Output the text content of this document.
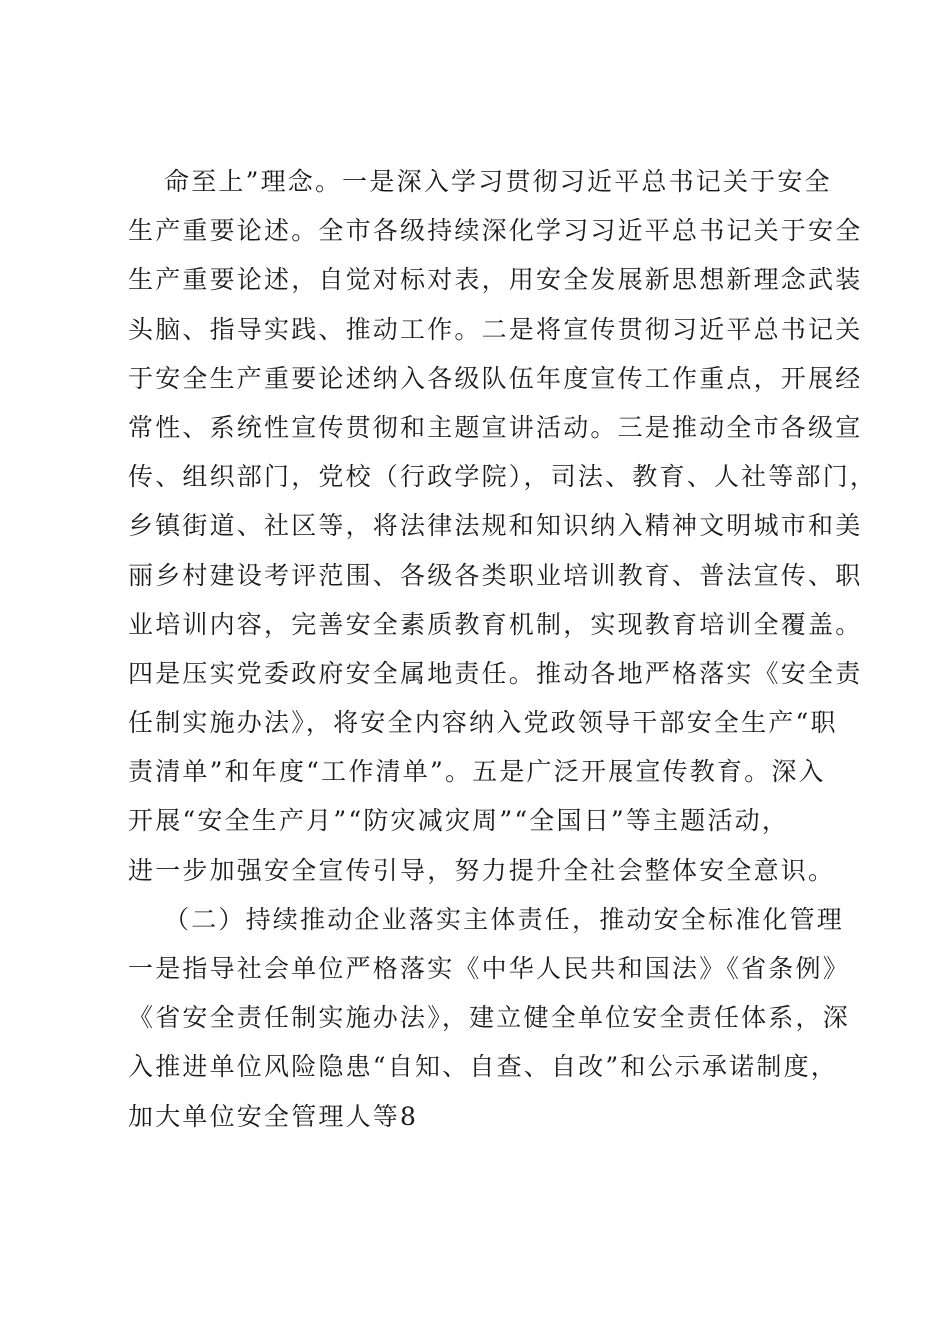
命至上”理念。一是深入学习贯彻习近平总书记关于安全
生产重要论述。全市各级持续深化学习习近平总书记关于安全
生产重要论述，自觉对标对表，用安全发展新思想新理念武装
头脑、指导实践、推动工作。二是将宣传贯彻习近平总书记关
于安全生产重要论述纳入各级队伍年度宣传工作重点，开展经
常性、系统性宣传贯彻和主题宣讲活动。三是推动全市各级宣
传、组织部门，党校（行政学院），司法、教育、人社等部门，
乡镇街道、社区等，将法律法规和知识纳入精神文明城市和美
丽乡村建设考评范围、各级各类职业培训教育、普法宣传、职
业培训内容，完善安全素质教育机制，实现教育培训全覆盖。
四是压实党委政府安全属地责任。推动各地严格落实《安全责
任制实施办法》，将安全内容纳入党政领导干部安全生产“职
责清单”和年度“工作清单”。五是广泛开展宣传教育。深入
开展“安全生产月”“防灾减灾周”“全国日”等主题活动，
进一步加强安全宣传引导，努力提升全社会整体安全意识。
（二）持续推动企业落实主体责任，推动安全标准化管理
一是指导社会单位严格落实《中华人民共和国法》《省条例》
《省安全责任制实施办法》，建立健全单位安全责任体系，深
入推进单位风险隐患“自知、自查、自改”和公示承诺制度，
加大单位安全管理人等8
